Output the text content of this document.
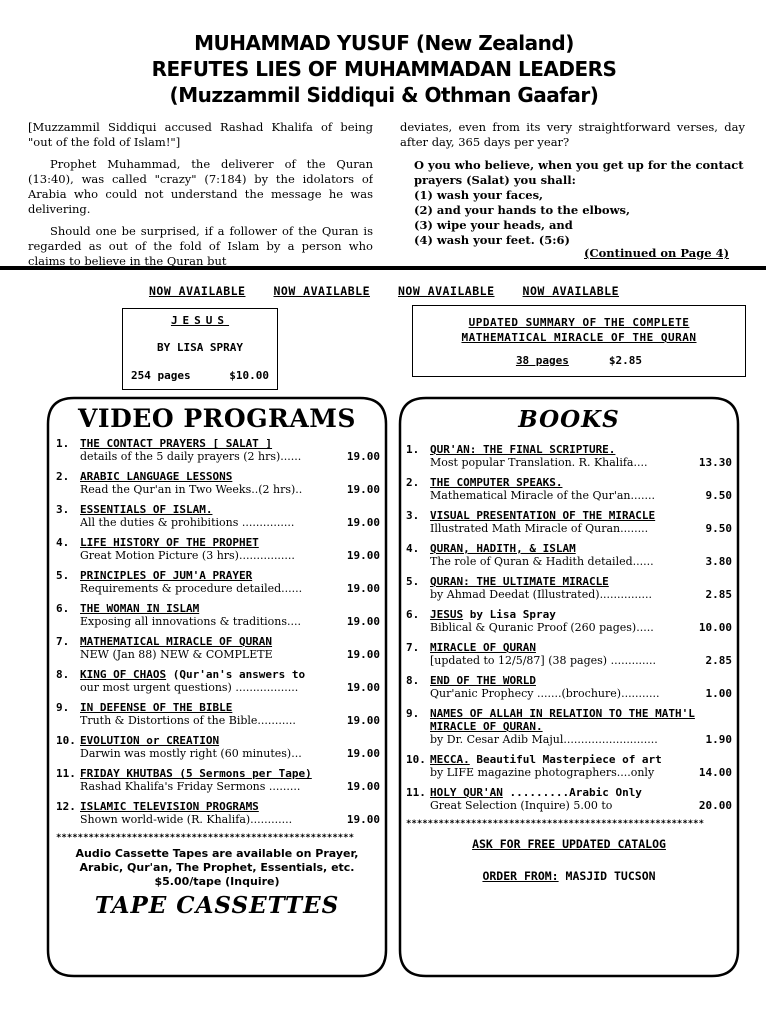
MUHAMMAD YUSUF (New Zealand)
REFUTES LIES OF MUHAMMADAN LEADERS
(Muzzammil Siddiqui & Othman Gaafar)

[Muzzammil Siddiqui accused Rashad Khalifa of being "out of the fold of Islam!"]

Prophet Muhammad, the deliverer of the Quran (13:40), was called "crazy" (7:184) by the idolators of Arabia who could not understand the message he was delivering.

Should one be surprised, if a follower of the Quran is regarded as out of the fold of Islam by a person who claims to believe in the Quran but

deviates, even from its very straightforward verses, day after day, 365 days per year?

O you who believe, when you get up for the contact prayers (Salat) you shall:
(1) wash your faces,
(2) and your hands to the elbows,
(3) wipe your heads, and
(4) wash your feet. (5:6)
(Continued on Page 4)
NOW AVAILABLE NOW AVAILABLE NOW AVAILABLE NOW AVAILABLE
JESUS
BY LISA SPRAY
254 pages	$10.00
UPDATED SUMMARY OF THE COMPLETE
MATHEMATICAL MIRACLE OF THE QURAN
38 pages	$2.85
VIDEO PROGRAMS
1. THE CONTACT PRAYERS [ SALAT ]
details of the 5 daily prayers (2 hrs)......	19.00
2. ARABIC LANGUAGE LESSONS
Read the Qur'an in Two Weeks..(2 hrs)..	19.00
3. ESSENTIALS OF ISLAM.
All the duties & prohibitions ...............	19.00
4. LIFE HISTORY OF THE PROPHET
Great Motion Picture (3 hrs)................	19.00
5. PRINCIPLES OF JUM'A PRAYER
Requirements & procedure detailed......	19.00
6. THE WOMAN IN ISLAM
Exposing all innovations & traditions....	19.00
7. MATHEMATICAL MIRACLE OF QURAN
NEW (Jan 88) NEW & COMPLETE	19.00
8. KING OF CHAOS (Qur'an's answers to
our most urgent questions) ..................	19.00
9. IN DEFENSE OF THE BIBLE
Truth & Distortions of the Bible...........	19.00
10. EVOLUTION or CREATION
Darwin was mostly right (60 minutes)...	19.00
11. FRIDAY KHUTBAS (5 Sermons per Tape)
Rashad Khalifa's Friday Sermons .........	19.00
12. ISLAMIC TELEVISION PROGRAMS
Shown world-wide (R. Khalifa)............	19.00
*******************************************************
Audio Cassette Tapes are available on Prayer, Arabic, Qur'an, The Prophet, Essentials, etc.
$5.00/tape (Inquire)
TAPE CASSETTES
BOOKS
1. QUR'AN: THE FINAL SCRIPTURE.
Most popular Translation. R. Khalifa....	13.30
2. THE COMPUTER SPEAKS.
Mathematical Miracle of the Qur'an.......	9.50
3. VISUAL PRESENTATION OF THE MIRACLE
Illustrated Math Miracle of Quran........	9.50
4. QURAN, HADITH, & ISLAM
The role of Quran & Hadith detailed......	3.80
5. QURAN: THE ULTIMATE MIRACLE
by Ahmad Deedat (Illustrated)...............	2.85
6. JESUS by Lisa Spray
Biblical & Quranic Proof (260 pages).....	10.00
7. MIRACLE OF QURAN
[updated to 12/5/87] (38 pages) .............	2.85
8. END OF THE WORLD
Qur'anic Prophecy .......(brochure)...........	1.00
9. NAMES OF ALLAH IN RELATION TO THE MATH'L MIRACLE OF QURAN.
by Dr. Cesar Adib Majul...........................	1.90
10. MECCA. Beautiful Masterpiece of art
by LIFE magazine photographers....only	14.00
11. HOLY QUR'AN .........Arabic Only
Great Selection (Inquire) 5.00 to	20.00
*******************************************************
ASK FOR FREE UPDATED CATALOG
ORDER FROM: MASJID TUCSON
